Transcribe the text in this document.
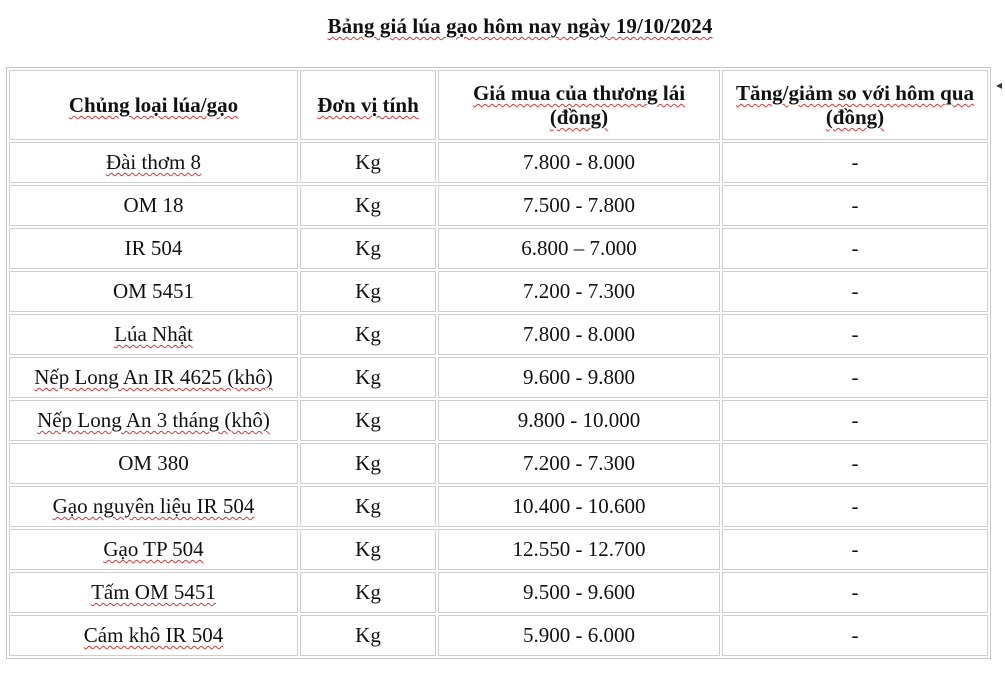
Bảng giá lúa gạo hôm nay ngày 19/10/2024
Chủng loại lúa/gạo	Đơn vị tính	Giá mua của thương lái (đồng)	Tăng/giảm so với hôm qua (đồng)
Đài thơm 8	Kg	7.800 - 8.000	-
OM 18	Kg	7.500 - 7.800	-
IR 504	Kg	6.800 – 7.000	-
OM 5451	Kg	7.200 - 7.300	-
Lúa Nhật	Kg	7.800 - 8.000	-
Nếp Long An IR 4625 (khô)	Kg	9.600 - 9.800	-
Nếp Long An 3 tháng (khô)	Kg	9.800 - 10.000	-
OM 380	Kg	7.200 - 7.300	-
Gạo nguyên liệu IR 504	Kg	10.400 - 10.600	-
Gạo TP 504	Kg	12.550 - 12.700	-
Tấm OM 5451	Kg	9.500 - 9.600	-
Cám khô IR 504	Kg	5.900 - 6.000	-
◂
